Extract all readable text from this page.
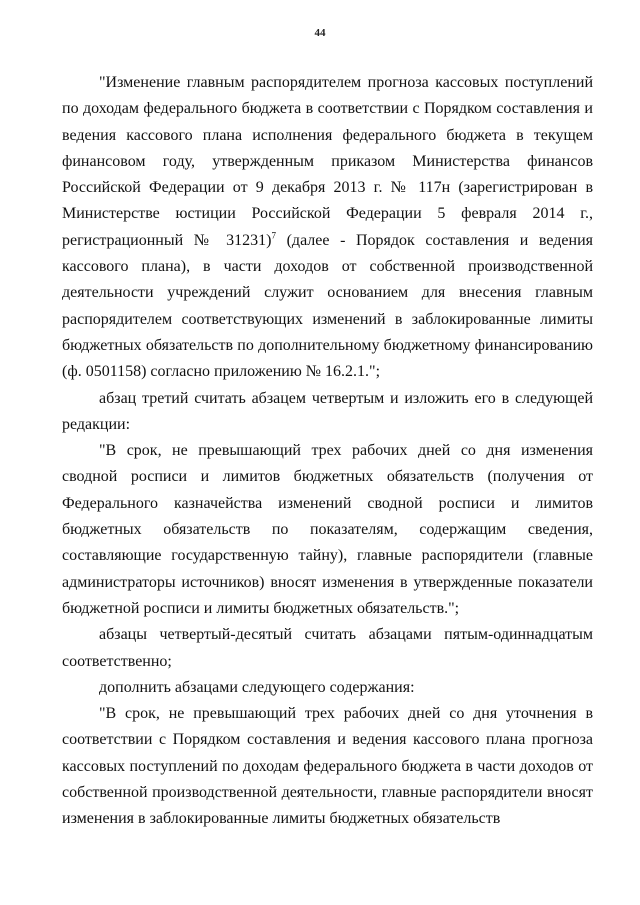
44

"Изменение главным распорядителем прогноза кассовых поступлений по доходам федерального бюджета в соответствии с Порядком составления и ведения кассового плана исполнения федерального бюджета в текущем финансовом году, утвержденным приказом Министерства финансов Российской Федерации от 9 декабря 2013 г. № 117н (зарегистрирован в Министерстве юстиции Российской Федерации 5 февраля 2014 г., регистрационный № 31231)$^7$ (далее - Порядок составления и ведения кассового плана), в части доходов от собственной производственной деятельности учреждений служит основанием для внесения главным распорядителем соответствующих изменений в заблокированные лимиты бюджетных обязательств по дополнительному бюджетному финансированию (ф. 0501158) согласно приложению № 16.2.1.";

абзац третий считать абзацем четвертым и изложить его в следующей редакции:

"В срок, не превышающий трех рабочих дней со дня изменения сводной росписи и лимитов бюджетных обязательств (получения от Федерального казначейства изменений сводной росписи и лимитов бюджетных обязательств по показателям, содержащим сведения, составляющие государственную тайну), главные распорядители (главные администраторы источников) вносят изменения в утвержденные показатели бюджетной росписи и лимиты бюджетных обязательств.";

абзацы четвертый-десятый считать абзацами пятым-одиннадцатым соответственно;

дополнить абзацами следующего содержания:

"В срок, не превышающий трех рабочих дней со дня уточнения в соответствии с Порядком составления и ведения кассового плана прогноза кассовых поступлений по доходам федерального бюджета в части доходов от собственной производственной деятельности, главные распорядители вносят изменения в заблокированные лимиты бюджетных обязательств
